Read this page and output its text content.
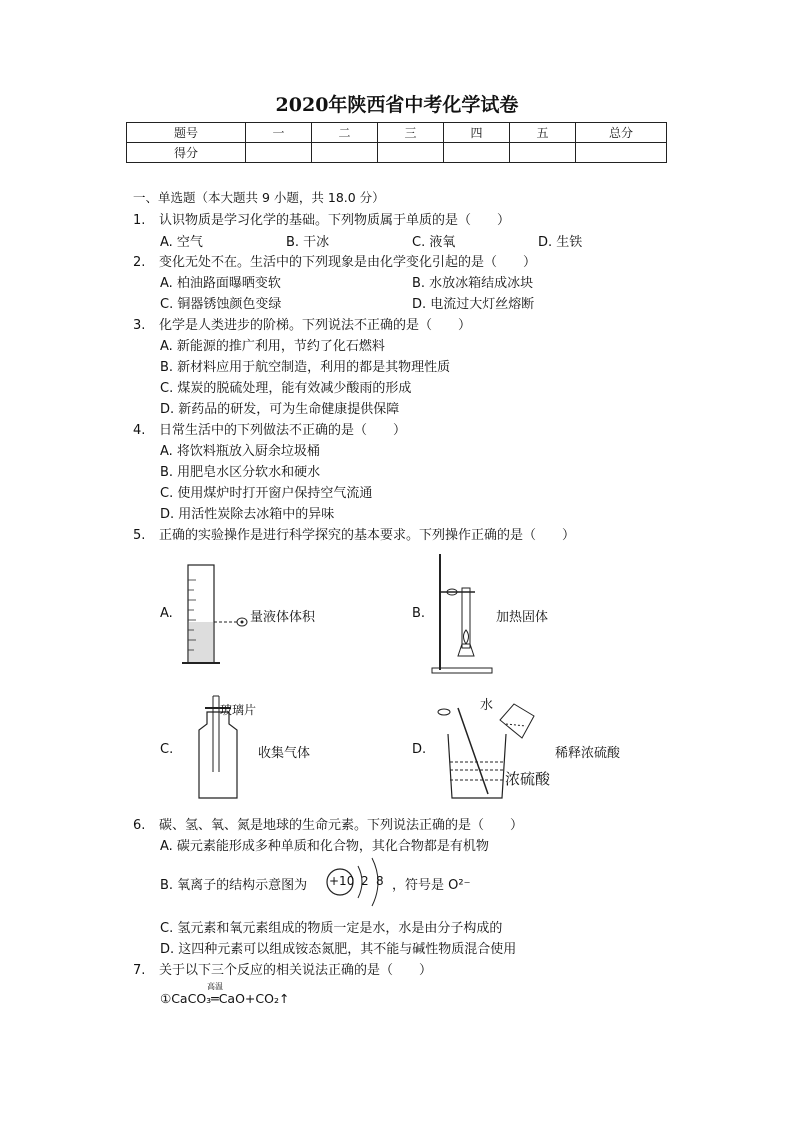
2020年陕西省中考化学试卷
题号	一	二	三	四	五	总分
得分						
一、单选题（本大题共 9 小题，共 18.0 分）
1. 认识物质是学习化学的基础。下列物质属于单质的是（　　）
A. 空气	B. 干冰	C. 液氧	D. 生铁
2. 变化无处不在。生活中的下列现象是由化学变化引起的是（　　）
A. 柏油路面曝晒变软	B. 水放冰箱结成冰块
C. 铜器锈蚀颜色变绿	D. 电流过大灯丝熔断
3. 化学是人类进步的阶梯。下列说法不正确的是（　　）
A. 新能源的推广利用，节约了化石燃料
B. 新材料应用于航空制造，利用的都是其物理性质
C. 煤炭的脱硫处理，能有效减少酸雨的形成
D. 新药品的研发，可为生命健康提供保障
4. 日常生活中的下列做法不正确的是（　　）
A. 将饮料瓶放入厨余垃圾桶
B. 用肥皂水区分软水和硬水
C. 使用煤炉时打开窗户保持空气流通
D. 用活性炭除去冰箱中的异味
5. 正确的实验操作是进行科学探究的基本要求。下列操作正确的是（　　）
A.	量液体体积	B.	加热固体
C.
玻璃片
收集气体	D.
水
浓硫酸
稀释浓硫酸
6. 碳、氢、氧、氮是地球的生命元素。下列说法正确的是（　　）
A. 碳元素能形成多种单质和化合物，其化合物都是有机物
B. 氧离子的结构示意图为 +10 2 8 ，符号是 O²⁻
C. 氢元素和氧元素组成的物质一定是水，水是由分子构成的
D. 这四种元素可以组成铵态氮肥，其不能与碱性物质混合使用
7. 关于以下三个反应的相关说法正确的是（　　）
高温
①CaCO₃═CaO+CO₂↑
